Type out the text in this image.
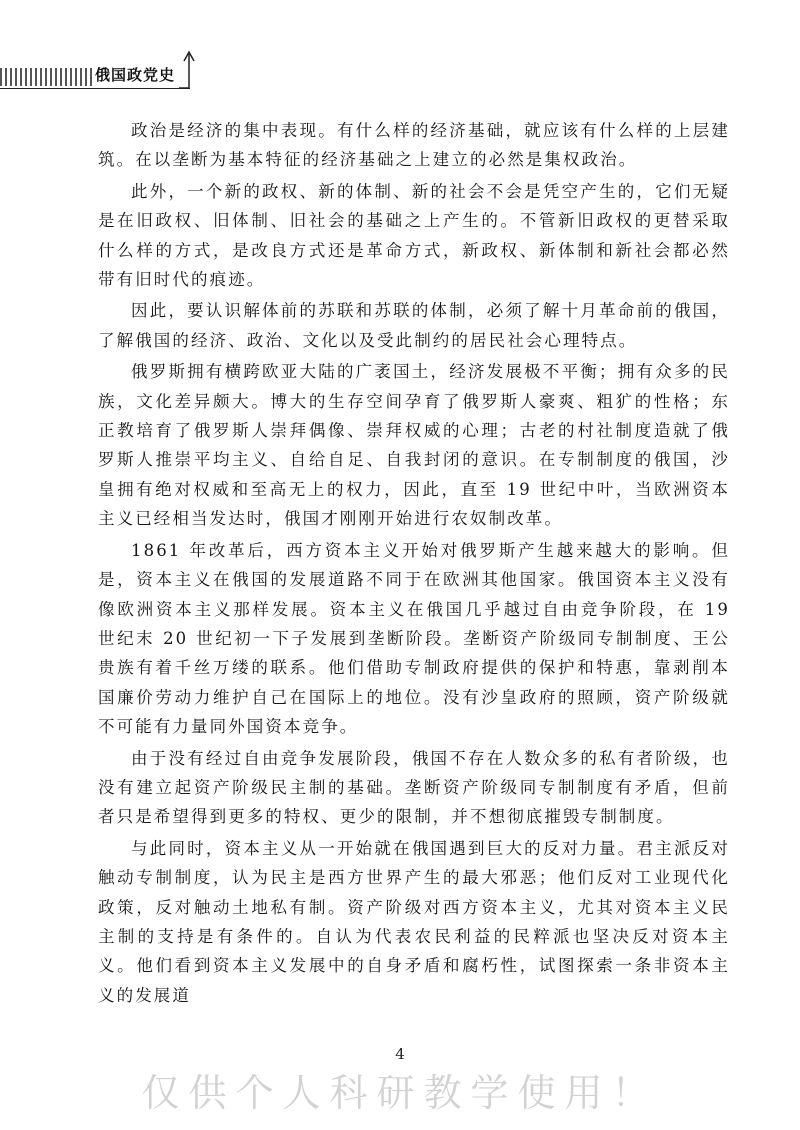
俄国政党史

政治是经济的集中表现。有什么样的经济基础，就应该有什么样的上层建筑。在以垄断为基本特征的经济基础之上建立的必然是集权政治。

此外，一个新的政权、新的体制、新的社会不会是凭空产生的，它们无疑是在旧政权、旧体制、旧社会的基础之上产生的。不管新旧政权的更替采取什么样的方式，是改良方式还是革命方式，新政权、新体制和新社会都必然带有旧时代的痕迹。

因此，要认识解体前的苏联和苏联的体制，必须了解十月革命前的俄国，了解俄国的经济、政治、文化以及受此制约的居民社会心理特点。

俄罗斯拥有横跨欧亚大陆的广袤国土，经济发展极不平衡；拥有众多的民族，文化差异颇大。博大的生存空间孕育了俄罗斯人豪爽、粗犷的性格；东正教培育了俄罗斯人崇拜偶像、崇拜权威的心理；古老的村社制度造就了俄罗斯人推崇平均主义、自给自足、自我封闭的意识。在专制制度的俄国，沙皇拥有绝对权威和至高无上的权力，因此，直至 19 世纪中叶，当欧洲资本主义已经相当发达时，俄国才刚刚开始进行农奴制改革。

1861 年改革后，西方资本主义开始对俄罗斯产生越来越大的影响。但是，资本主义在俄国的发展道路不同于在欧洲其他国家。俄国资本主义没有像欧洲资本主义那样发展。资本主义在俄国几乎越过自由竞争阶段，在 19 世纪末 20 世纪初一下子发展到垄断阶段。垄断资产阶级同专制制度、王公贵族有着千丝万缕的联系。他们借助专制政府提供的保护和特惠，靠剥削本国廉价劳动力维护自己在国际上的地位。没有沙皇政府的照顾，资产阶级就不可能有力量同外国资本竞争。

由于没有经过自由竞争发展阶段，俄国不存在人数众多的私有者阶级，也没有建立起资产阶级民主制的基础。垄断资产阶级同专制制度有矛盾，但前者只是希望得到更多的特权、更少的限制，并不想彻底摧毁专制制度。

与此同时，资本主义从一开始就在俄国遇到巨大的反对力量。君主派反对触动专制制度，认为民主是西方世界产生的最大邪恶；他们反对工业现代化政策，反对触动土地私有制。资产阶级对西方资本主义，尤其对资本主义民主制的支持是有条件的。自认为代表农民利益的民粹派也坚决反对资本主义。他们看到资本主义发展中的自身矛盾和腐朽性，试图探索一条非资本主义的发展道

4
仅供个人科研教学使用！
